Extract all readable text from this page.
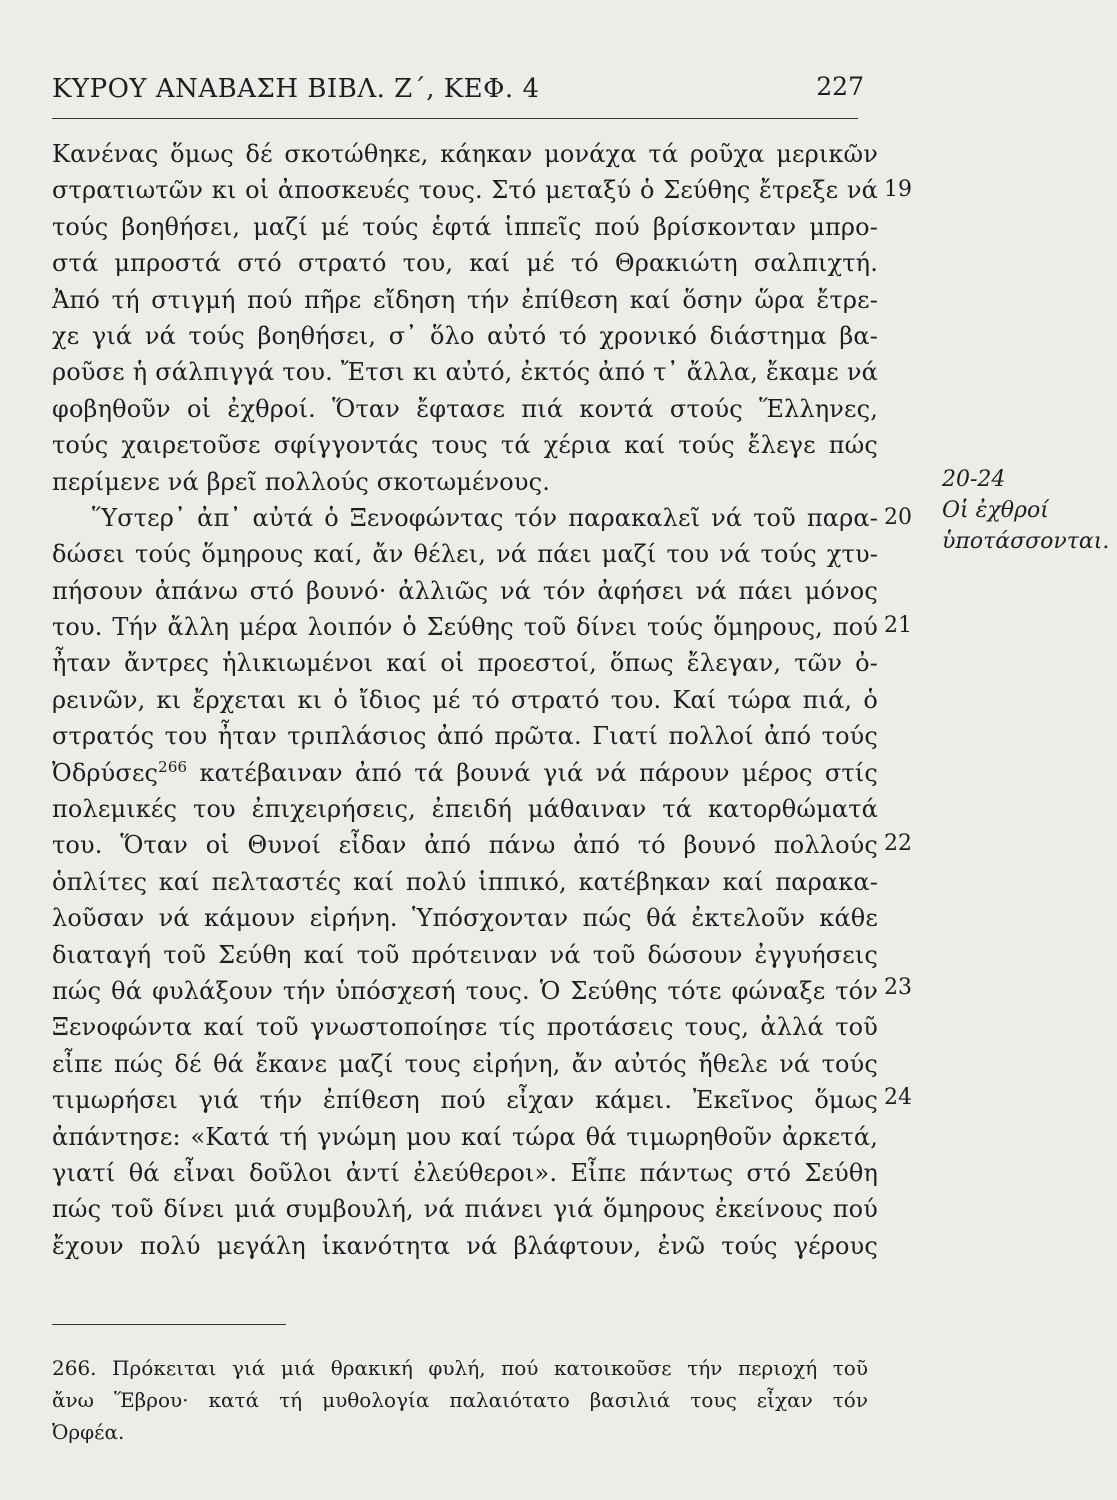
ΚΥΡΟΥ ΑΝΑΒΑΣΗ ΒΙΒΛ. Ζ΄, ΚΕΦ. 4	227
Κανένας ὅμως δέ σκοτώθηκε, κάηκαν μονάχα τά ροῦχα μερικῶν
στρατιωτῶν κι οἱ ἀποσκευές τους. Στό μεταξύ ὁ Σεύθης ἔτρεξε νά
τούς βοηθήσει, μαζί μέ τούς ἑφτά ἱππεῖς πού βρίσκονταν μπρο-
στά μπροστά στό στρατό του, καί μέ τό Θρακιώτη σαλπιχτή.
Ἀπό τή στιγμή πού πῆρε εἴδηση τήν ἐπίθεση καί ὅσην ὥρα ἔτρε-
χε γιά νά τούς βοηθήσει, σ᾽ ὅλο αὐτό τό χρονικό διάστημα βα-
ροῦσε ἡ σάλπιγγά του. Ἔτσι κι αὐτό, ἐκτός ἀπό τ᾽ ἄλλα, ἔκαμε νά
φοβηθοῦν οἱ ἐχθροί. Ὅταν ἔφτασε πιά κοντά στούς Ἕλληνες,
τούς χαιρετοῦσε σφίγγοντάς τους τά χέρια καί τούς ἔλεγε πώς
περίμενε νά βρεῖ πολλούς σκοτωμένους.
Ὕστερ᾽ ἀπ᾽ αὐτά ὁ Ξενοφώντας τόν παρακαλεῖ νά τοῦ παρα-
δώσει τούς ὅμηρους καί, ἄν θέλει, νά πάει μαζί του νά τούς χτυ-
πήσουν ἀπάνω στό βουνό· ἀλλιῶς νά τόν ἀφήσει νά πάει μόνος
του. Τήν ἄλλη μέρα λοιπόν ὁ Σεύθης τοῦ δίνει τούς ὅμηρους, πού
ἦταν ἄντρες ἡλικιωμένοι καί οἱ προεστοί, ὅπως ἔλεγαν, τῶν ὀ-
ρεινῶν, κι ἔρχεται κι ὁ ἴδιος μέ τό στρατό του. Καί τώρα πιά, ὁ
στρατός του ἦταν τριπλάσιος ἀπό πρῶτα. Γιατί πολλοί ἀπό τούς
Ὀδρύσες$^{266}$ κατέβαιναν ἀπό τά βουνά γιά νά πάρουν μέρος στίς
πολεμικές του ἐπιχειρήσεις, ἐπειδή μάθαιναν τά κατορθώματά
του. Ὅταν οἱ Θυνοί εἶδαν ἀπό πάνω ἀπό τό βουνό πολλούς
ὁπλίτες καί πελταστές καί πολύ ἱππικό, κατέβηκαν καί παρακα-
λοῦσαν νά κάμουν εἰρήνη. Ὑπόσχονταν πώς θά ἐκτελοῦν κάθε
διαταγή τοῦ Σεύθη καί τοῦ πρότειναν νά τοῦ δώσουν ἐγγυήσεις
πώς θά φυλάξουν τήν ὑπόσχεσή τους. Ὁ Σεύθης τότε φώναξε τόν
Ξενοφώντα καί τοῦ γνωστοποίησε τίς προτάσεις τους, ἀλλά τοῦ
εἶπε πώς δέ θά ἔκανε μαζί τους εἰρήνη, ἄν αὐτός ἤθελε νά τούς
τιμωρήσει γιά τήν ἐπίθεση πού εἶχαν κάμει. Ἐκεῖνος ὅμως
ἀπάντησε: «Κατά τή γνώμη μου καί τώρα θά τιμωρηθοῦν ἀρκετά,
γιατί θά εἶναι δοῦλοι ἀντί ἐλεύθεροι». Εἶπε πάντως στό Σεύθη
πώς τοῦ δίνει μιά συμβουλή, νά πιάνει γιά ὅμηρους ἐκείνους πού
ἔχουν πολύ μεγάλη ἱκανότητα νά βλάφτουν, ἐνῶ τούς γέρους
19
20
21
22
23
24
20-24
Οἱ ἐχθροί
ὑποτάσσονται.
266. Πρόκειται γιά μιά θρακική φυλή, πού κατοικοῦσε τήν περιοχή τοῦ
ἄνω Ἕβρου· κατά τή μυθολογία παλαιότατο βασιλιά τους εἶχαν τόν
Ὀρφέα.
